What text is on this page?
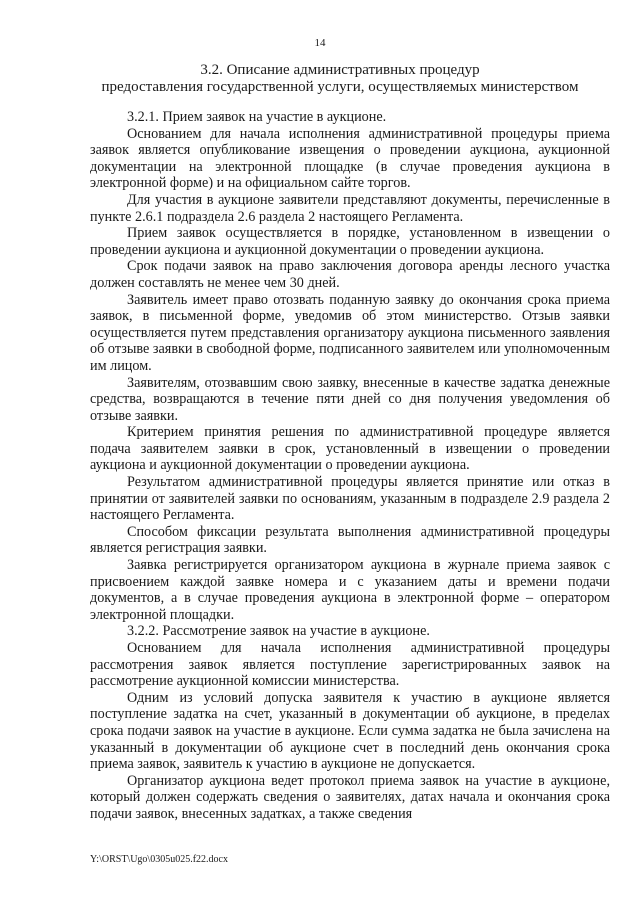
14
3.2. Описание административных процедур
предоставления государственной услуги, осуществляемых министерством

3.2.1. Прием заявок на участие в аукционе.

Основанием для начала исполнения административной процедуры приема заявок является опубликование извещения о проведении аукциона, аукционной документации на электронной площадке (в случае проведения аукциона в электронной форме) и на официальном сайте торгов.

Для участия в аукционе заявители представляют документы, перечисленные в пункте 2.6.1 подраздела 2.6 раздела 2 настоящего Регламента.

Прием заявок осуществляется в порядке, установленном в извещении о проведении аукциона и аукционной документации о проведении аукциона.

Срок подачи заявок на право заключения договора аренды лесного участка должен составлять не менее чем 30 дней.

Заявитель имеет право отозвать поданную заявку до окончания срока приема заявок, в письменной форме, уведомив об этом министерство. Отзыв заявки осуществляется путем представления организатору аукциона письменного заявления об отзыве заявки в свободной форме, подписанного заявителем или уполномоченным им лицом.

Заявителям, отозвавшим свою заявку, внесенные в качестве задатка денежные средства, возвращаются в течение пяти дней со дня получения уведомления об отзыве заявки.

Критерием принятия решения по административной процедуре является подача заявителем заявки в срок, установленный в извещении о проведении аукциона и аукционной документации о проведении аукциона.

Результатом административной процедуры является принятие или отказ в принятии от заявителей заявки по основаниям, указанным в подразделе 2.9 раздела 2 настоящего Регламента.

Способом фиксации результата выполнения административной процедуры является регистрация заявки.

Заявка регистрируется организатором аукциона в журнале приема заявок с присвоением каждой заявке номера и с указанием даты и времени подачи документов, а в случае проведения аукциона в электронной форме – оператором электронной площадки.

3.2.2. Рассмотрение заявок на участие в аукционе.

Основанием для начала исполнения административной процедуры рассмотрения заявок является поступление зарегистрированных заявок на рассмотрение аукционной комиссии министерства.

Одним из условий допуска заявителя к участию в аукционе является поступление задатка на счет, указанный в документации об аукционе, в пределах срока подачи заявок на участие в аукционе. Если сумма задатка не была зачислена на указанный в документации об аукционе счет в последний день окончания срока приема заявок, заявитель к участию в аукционе не допускается.

Организатор аукциона ведет протокол приема заявок на участие в аукционе, который должен содержать сведения о заявителях, датах начала и окончания срока подачи заявок, внесенных задатках, а также сведения

Y:\ORST\Ugo\0305u025.f22.docx
